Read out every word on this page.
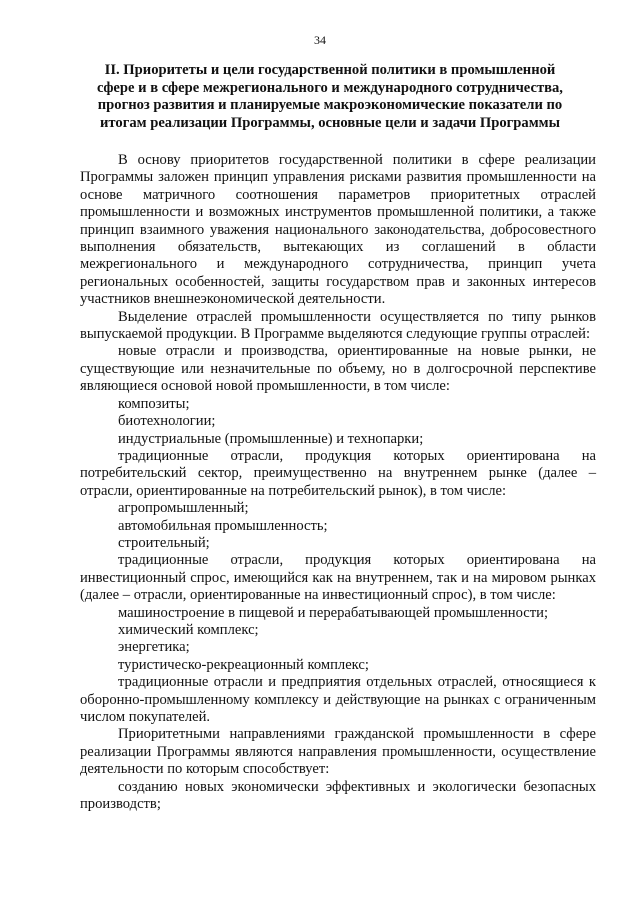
34
II. Приоритеты и цели государственной политики в промышленной
сфере и в сфере межрегионального и международного сотрудничества,
прогноз развития и планируемые макроэкономические показатели по
итогам реализации Программы, основные цели и задачи Программы

В основу приоритетов государственной политики в сфере реализации Программы заложен принцип управления рисками развития промышленности на основе матричного соотношения параметров приоритетных отраслей промышленности и возможных инструментов промышленной политики, а также принцип взаимного уважения национального законодательства, добросовестного выполнения обязательств, вытекающих из соглашений в области межрегионального и международного сотрудничества, принцип учета региональных особенностей, защиты государством прав и законных интересов участников внешнеэкономической деятельности.

Выделение отраслей промышленности осуществляется по типу рынков выпускаемой продукции. В Программе выделяются следующие группы отраслей:

новые отрасли и производства, ориентированные на новые рынки, не существующие или незначительные по объему, но в долгосрочной перспективе являющиеся основой новой промышленности, в том числе:

композиты;

биотехнологии;

индустриальные (промышленные) и технопарки;

традиционные отрасли, продукция которых ориентирована на потребительский сектор, преимущественно на внутреннем рынке (далее – отрасли, ориентированные на потребительский рынок), в том числе:

агропромышленный;

автомобильная промышленность;

строительный;

традиционные отрасли, продукция которых ориентирована на инвестиционный спрос, имеющийся как на внутреннем, так и на мировом рынках (далее – отрасли, ориентированные на инвестиционный спрос), в том числе:

машиностроение в пищевой и перерабатывающей промышленности;

химический комплекс;

энергетика;

туристическо-рекреационный комплекс;

традиционные отрасли и предприятия отдельных отраслей, относящиеся к оборонно-промышленному комплексу и действующие на рынках с ограниченным числом покупателей.

Приоритетными направлениями гражданской промышленности в сфере реализации Программы являются направления промышленности, осуществление деятельности по которым способствует:

созданию новых экономически эффективных и экологически безопасных производств;
